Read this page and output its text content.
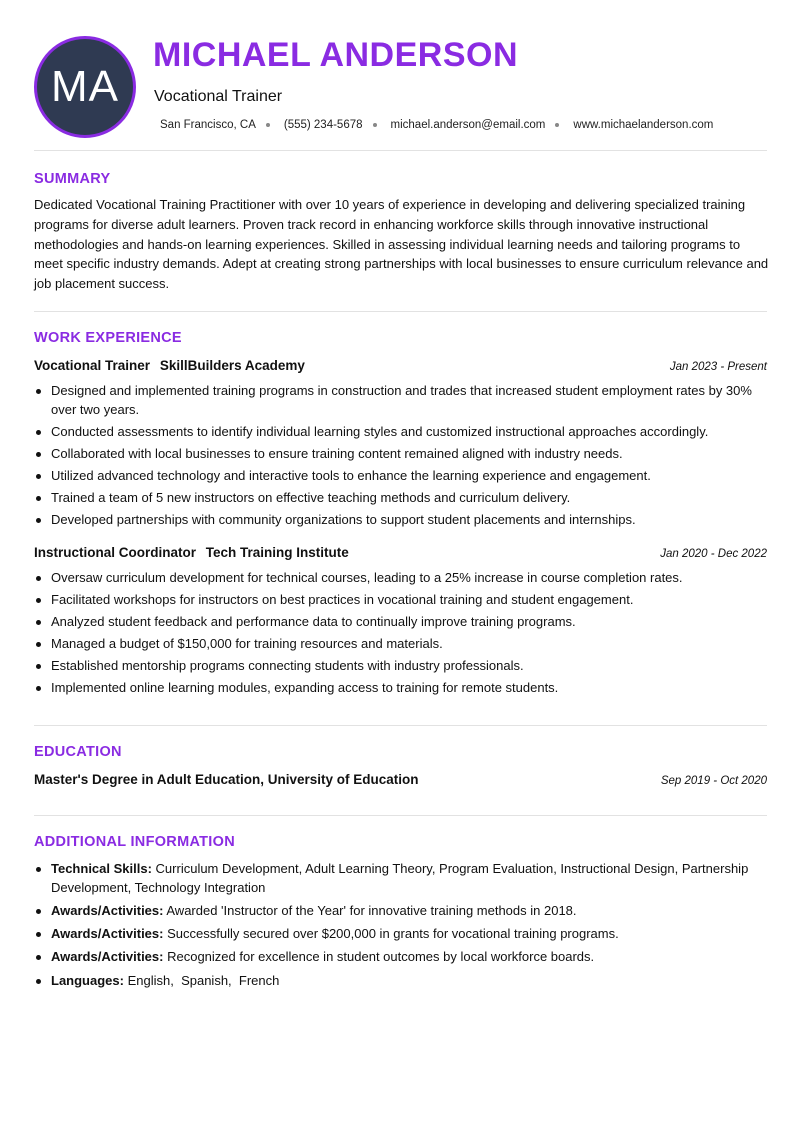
MA
MICHAEL ANDERSON
Vocational Trainer
San Francisco, CA (555) 234-5678 michael.anderson@email.com www.michaelanderson.com
SUMMARY

Dedicated Vocational Training Practitioner with over 10 years of experience in developing and delivering specialized training programs for diverse adult learners. Proven track record in enhancing workforce skills through innovative instructional methodologies and hands-on learning experiences. Skilled in assessing individual learning needs and tailoring programs to meet specific industry demands. Adept at creating strong partnerships with local businesses to ensure curriculum relevance and job placement success.

WORK EXPERIENCE
Vocational Trainer SkillBuilders Academy	Jan 2023 - Present
Designed and implemented training programs in construction and trades that increased student employment rates by 30% over two years.
Conducted assessments to identify individual learning styles and customized instructional approaches accordingly.
Collaborated with local businesses to ensure training content remained aligned with industry needs.
Utilized advanced technology and interactive tools to enhance the learning experience and engagement.
Trained a team of 5 new instructors on effective teaching methods and curriculum delivery.
Developed partnerships with community organizations to support student placements and internships.
Instructional Coordinator Tech Training Institute	Jan 2020 - Dec 2022
Oversaw curriculum development for technical courses, leading to a 25% increase in course completion rates.
Facilitated workshops for instructors on best practices in vocational training and student engagement.
Analyzed student feedback and performance data to continually improve training programs.
Managed a budget of $150,000 for training resources and materials.
Established mentorship programs connecting students with industry professionals.
Implemented online learning modules, expanding access to training for remote students.
EDUCATION
Master's Degree in Adult Education, University of Education	Sep 2019 - Oct 2020
ADDITIONAL INFORMATION
Technical Skills: Curriculum Development, Adult Learning Theory, Program Evaluation, Instructional Design, Partnership Development, Technology Integration
Awards/Activities: Awarded 'Instructor of the Year' for innovative training methods in 2018.
Awards/Activities: Successfully secured over $200,000 in grants for vocational training programs.
Awards/Activities: Recognized for excellence in student outcomes by local workforce boards.
Languages: English,  Spanish,  French
